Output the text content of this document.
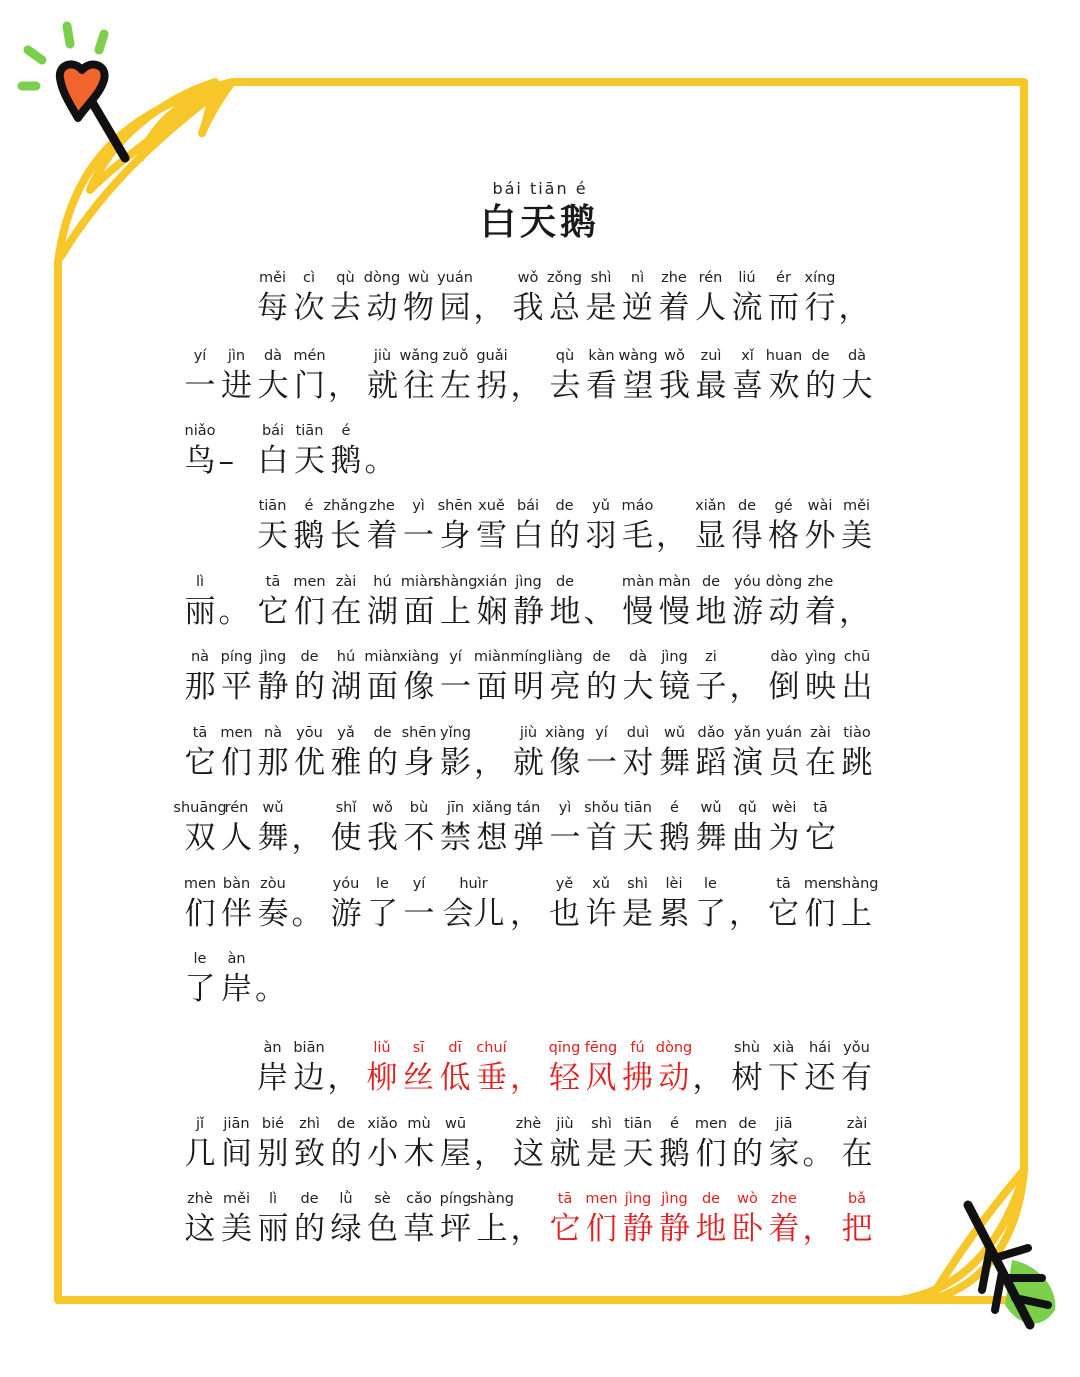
bái tiān é
白天鹅
měi
每
cì
次
qù
去
dòng
动
wù
物
yuán
园 ，
wǒ
我
zǒng
总
shì
是
nì
逆
zhe
着
rén
人
liú
流
ér
而
xíng
行 ，
yí
一
jìn
进
dà
大
mén
门 ，
jiù
就
wǎng
往
zuǒ
左
guǎi
拐 ，
qù
去
kàn
看
wàng
望
wǒ
我
zuì
最
xǐ
喜
huan
欢
de
的
dà
大
niǎo
鸟 –
bái
白
tiān
天
é
鹅 。
tiān
天
é
鹅
zhǎng
长
zhe
着
yì
一
shēn
身
xuě
雪
bái
白
de
的
yǔ
羽
máo
毛 ，
xiǎn
显
de
得
gé
格
wài
外
měi
美
lì
丽 。
tā
它
men
们
zài
在
hú
湖
miàn
面
shàng
上
xián
娴
jìng
静
de
地 、
màn
慢
màn
慢
de
地
yóu
游
dòng
动
zhe
着 ，
nà
那
píng
平
jìng
静
de
的
hú
湖
miàn
面
xiàng
像
yí
一
miàn
面
míng
明
liàng
亮
de
的
dà
大
jìng
镜
zi
子 ，
dào
倒
yìng
映
chū
出
tā
它
men
们
nà
那
yōu
优
yǎ
雅
de
的
shēn
身
yǐng
影 ，
jiù
就
xiàng
像
yí
一
duì
对
wǔ
舞
dǎo
蹈
yǎn
演
yuán
员
zài
在
tiào
跳
shuāng
双
rén
人
wǔ
舞 ，
shǐ
使
wǒ
我
bù
不
jīn
禁
xiǎng
想
tán
弹
yì
一
shǒu
首
tiān
天
é
鹅
wǔ
舞
qǔ
曲
wèi
为
tā
它
men
们
bàn
伴
zòu
奏 。
yóu
游
le
了
yí
一
huìr
会儿 ，
yě
也
xǔ
许
shì
是
lèi
累
le
了 ，
tā
它
men
们
shàng
上
le
了
àn
岸 。
àn
岸
biān
边 ，
liǔ
柳
sī
丝
dī
低
chuí
垂 ，
qīng
轻
fēng
风
fú
拂
dòng
动 ，
shù
树
xià
下
hái
还
yǒu
有
jǐ
几
jiān
间
bié
别
zhì
致
de
的
xiǎo
小
mù
木
wū
屋 ，
zhè
这
jiù
就
shì
是
tiān
天
é
鹅
men
们
de
的
jiā
家 。
zài
在
zhè
这
měi
美
lì
丽
de
的
lǜ
绿
sè
色
cǎo
草
píng
坪
shàng
上 ，
tā
它
men
们
jìng
静
jìng
静
de
地
wò
卧
zhe
着 ，
bǎ
把
